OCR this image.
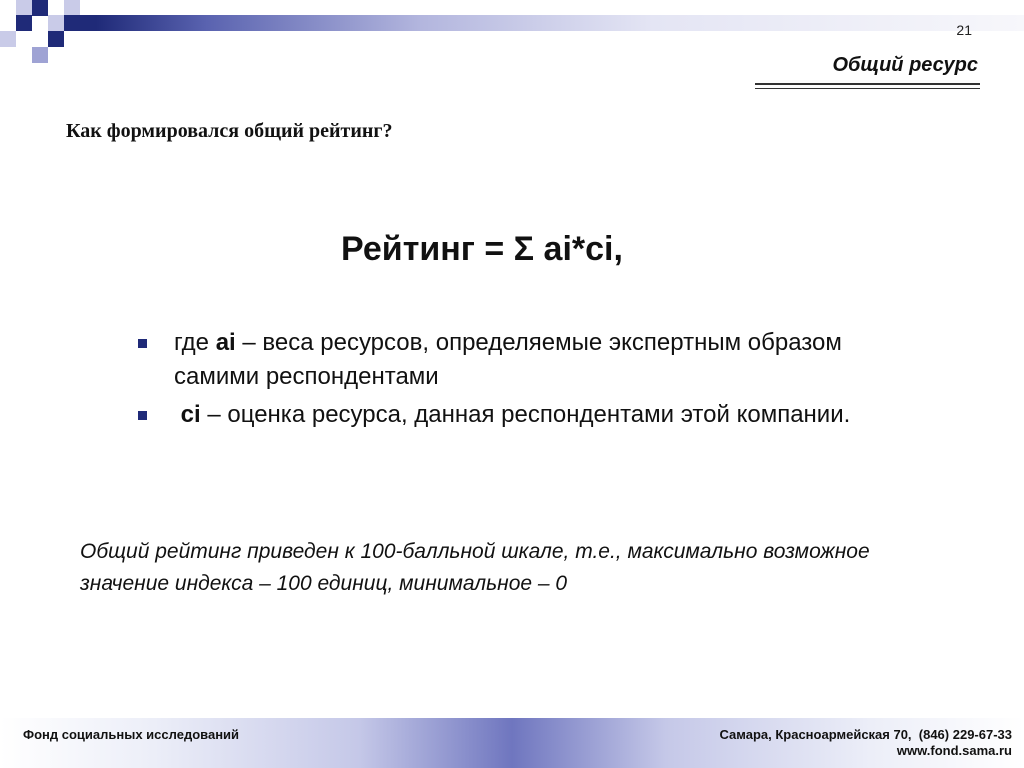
21
Общий ресурс
Как формировался общий рейтинг?
Рейтинг = Σ ai*ci,
где ai – веса ресурсов, определяемые экспертным образом самими респондентами
ci – оценка ресурса, данная респондентами этой компании.
Общий рейтинг приведен к 100-балльной шкале, т.е., максимально возможное значение индекса – 100 единиц, минимальное – 0
Фонд социальных исследований	Самара, Красноармейская 70,  (846) 229-67-33
www.fond.sama.ru
